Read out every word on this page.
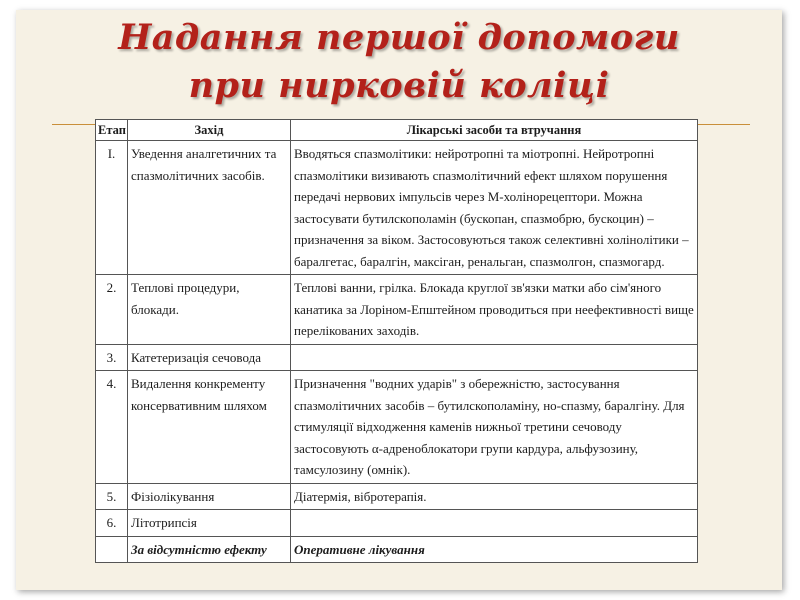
Надання першої допомоги
при нирковій коліці
Етап	Захід	Лікарські засоби та втручання
I.	Уведення аналгетичних та спазмолітичних засобів.	Вводяться спазмолітики: нейротропні та міотропні. Нейротропні спазмолітики визивають спазмолітичний ефект шляхом порушення передачі нервових імпульсів через М-холінорецептори. Можна застосувати бутилскополамін (бускопан, спазмобрю, бускоцин) – призначення за віком. Застосовуються також селективні холінолітики – баралгетас, баралгін, максіган, ренальган, спазмолгон, спазмогард.
2.	Теплові процедури, блокади.	Теплові ванни, грілка. Блокада круглої зв'язки матки або сім'яного канатика за Лоріном-Епштейном проводиться при неефективності вище перелікованих заходів.
3.	Катетеризація сечовода	
4.	Видалення конкременту консервативним шляхом	Призначення "водних ударів" з обережністю, застосування спазмолітичних засобів – бутилскополаміну, но-спазму, баралгіну. Для стимуляції відходження каменів нижньої третини сечоводу застосовують α-адреноблокатори групи кардура, альфузозину, тамсулозину (омнік).
5.	Фізіолікування	Діатермія, вібротерапія.
6.	Літотрипсія	
	За відсутністю ефекту	Оперативне лікування
